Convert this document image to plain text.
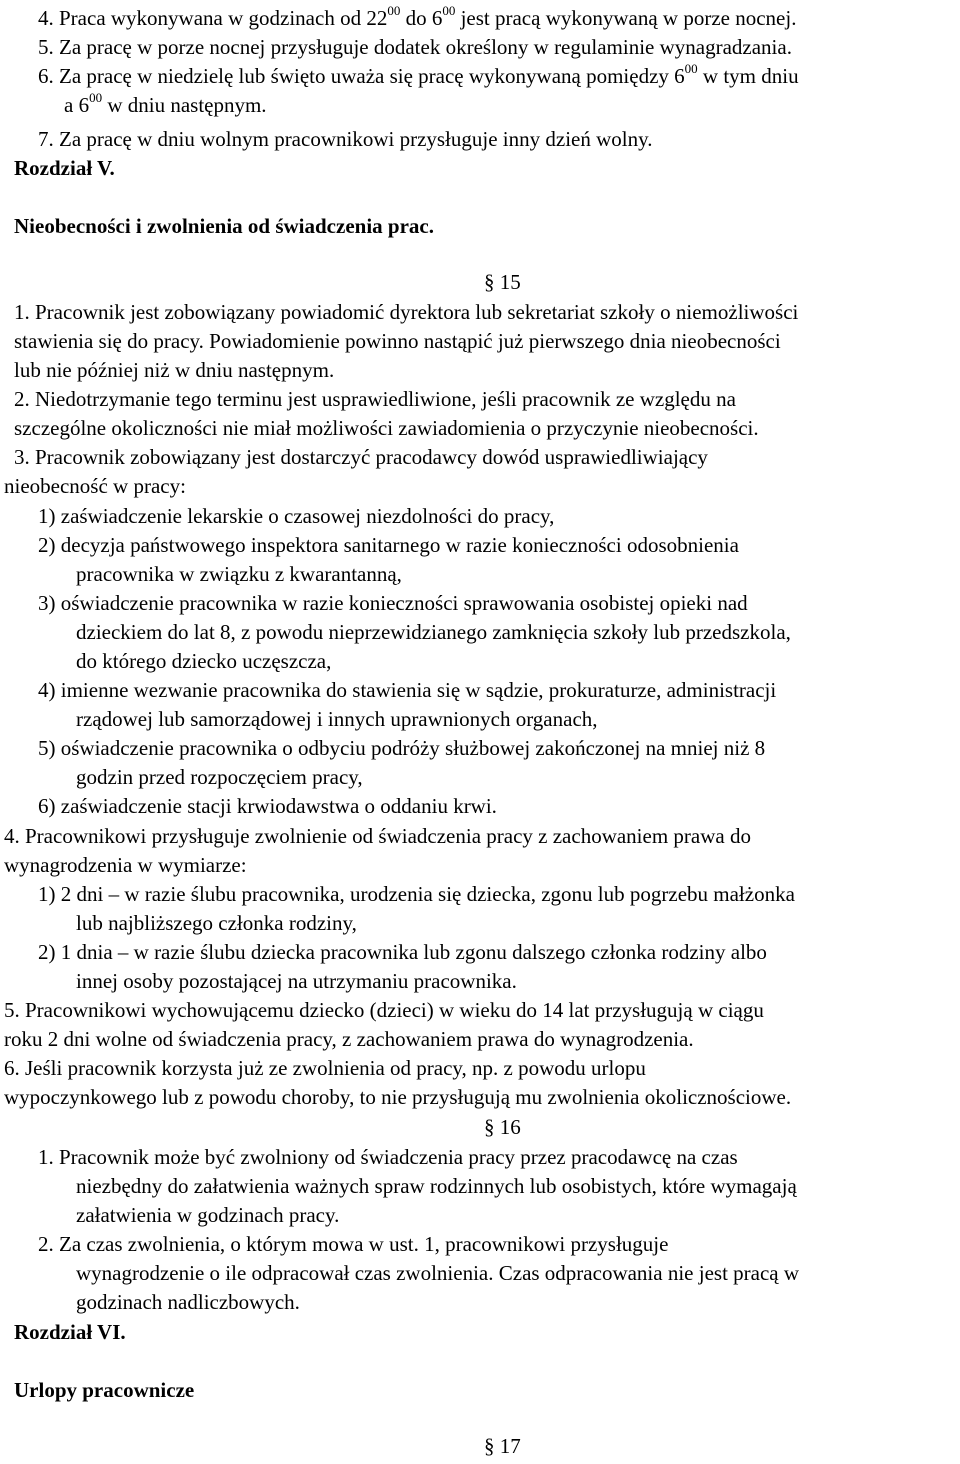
4. Praca wykonywana w godzinach od $22^{00}$ do $6^{00}$ jest pracą wykonywaną w porze nocnej.
5. Za pracę w porze nocnej przysługuje dodatek określony w regulaminie wynagradzania.
6. Za pracę w niedzielę lub święto uważa się pracę wykonywaną pomiędzy $6^{00}$ w tym dniu
a $6^{00}$ w dniu następnym.
7. Za pracę w dniu wolnym pracownikowi przysługuje inny dzień wolny.
Rozdział V.
Nieobecności i zwolnienia od świadczenia prac.
§ 15
1. Pracownik jest zobowiązany powiadomić dyrektora lub sekretariat szkoły o niemożliwości
stawienia się do pracy. Powiadomienie powinno nastąpić już pierwszego dnia nieobecności
lub nie później niż w dniu następnym.
2. Niedotrzymanie tego terminu jest usprawiedliwione, jeśli pracownik ze względu na
szczególne okoliczności nie miał możliwości zawiadomienia o przyczynie nieobecności.
3. Pracownik zobowiązany jest dostarczyć pracodawcy dowód usprawiedliwiający
nieobecność w pracy:
1) zaświadczenie lekarskie o czasowej niezdolności do pracy,
2) decyzja państwowego inspektora sanitarnego w razie konieczności odosobnienia
pracownika w związku z kwarantanną,
3) oświadczenie pracownika w razie konieczności sprawowania osobistej opieki nad
dzieckiem do lat 8, z powodu nieprzewidzianego zamknięcia szkoły lub przedszkola,
do którego dziecko uczęszcza,
4) imienne wezwanie pracownika do stawienia się w sądzie, prokuraturze, administracji
rządowej lub samorządowej i innych uprawnionych organach,
5) oświadczenie pracownika o odbyciu podróży służbowej zakończonej na mniej niż 8
godzin przed rozpoczęciem pracy,
6) zaświadczenie stacji krwiodawstwa o oddaniu krwi.
4. Pracownikowi przysługuje zwolnienie od świadczenia pracy z zachowaniem prawa do
wynagrodzenia w wymiarze:
1) 2 dni – w razie ślubu pracownika, urodzenia się dziecka, zgonu lub pogrzebu małżonka
lub najbliższego członka rodziny,
2) 1 dnia – w razie ślubu dziecka pracownika lub zgonu dalszego członka rodziny albo
innej osoby pozostającej na utrzymaniu pracownika.
5. Pracownikowi wychowującemu dziecko (dzieci) w wieku do 14 lat przysługują w ciągu
roku 2 dni wolne od świadczenia pracy, z zachowaniem prawa do wynagrodzenia.
6. Jeśli pracownik korzysta już ze zwolnienia od pracy, np. z powodu urlopu
wypoczynkowego lub z powodu choroby, to nie przysługują mu zwolnienia okolicznościowe.
§ 16
1. Pracownik może być zwolniony od świadczenia pracy przez pracodawcę na czas
niezbędny do załatwienia ważnych spraw rodzinnych lub osobistych, które wymagają
załatwienia w godzinach pracy.
2. Za czas zwolnienia, o którym mowa w ust. 1, pracownikowi przysługuje
wynagrodzenie o ile odpracował czas zwolnienia. Czas odpracowania nie jest pracą w
godzinach nadliczbowych.
Rozdział VI.
Urlopy pracownicze
§ 17
